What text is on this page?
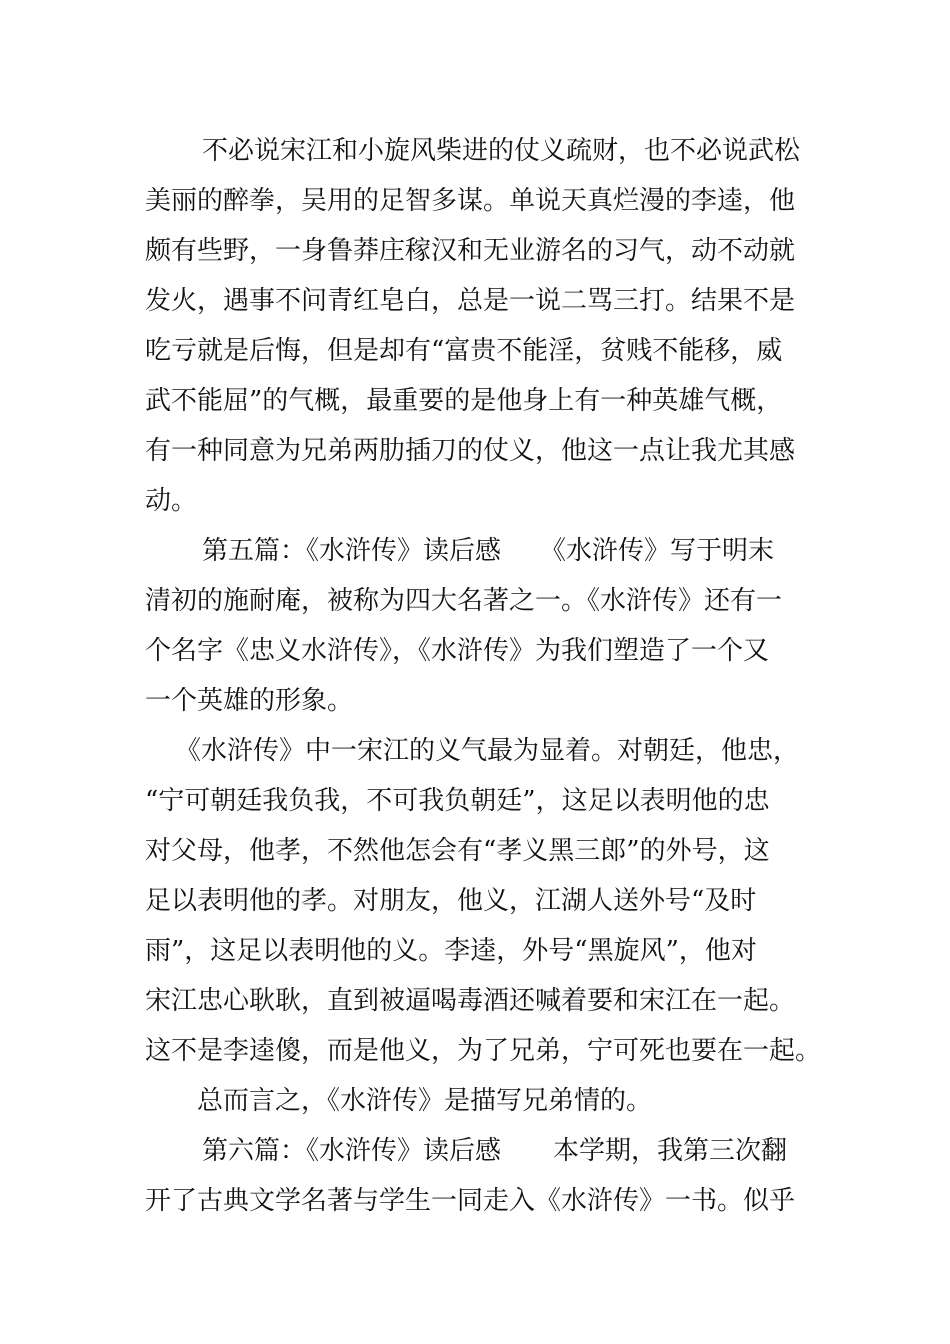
不必说宋江和小旋风柴进的仗义疏财，也不必说武松
美丽的醉拳，吴用的足智多谋。单说天真烂漫的李逵，他
颇有些野，一身鲁莽庄稼汉和无业游名的习气，动不动就
发火，遇事不问青红皂白，总是一说二骂三打。结果不是
吃亏就是后悔，但是却有“富贵不能淫，贫贱不能移，威
武不能屈”的气概，最重要的是他身上有一种英雄气概，
有一种同意为兄弟两肋插刀的仗义，他这一点让我尤其感
动。
第五篇：《水浒传》读后感　　《水浒传》写于明末
清初的施耐庵，被称为四大名著之一。《水浒传》还有一
个名字《忠义水浒传》，《水浒传》为我们塑造了一个又
一个英雄的形象。
《水浒传》中一宋江的义气最为显着。对朝廷，他忠，
“宁可朝廷我负我，不可我负朝廷”，这足以表明他的忠
对父母，他孝，不然他怎会有“孝义黑三郎”的外号，这
足以表明他的孝。对朋友，他义，江湖人送外号“及时
雨”，这足以表明他的义。李逵，外号“黑旋风”，他对
宋江忠心耿耿，直到被逼喝毒酒还喊着要和宋江在一起。
这不是李逵傻，而是他义，为了兄弟，宁可死也要在一起。
总而言之，《水浒传》是描写兄弟情的。
第六篇：《水浒传》读后感　　本学期，我第三次翻
开了古典文学名著与学生一同走入《水浒传》一书。似乎
